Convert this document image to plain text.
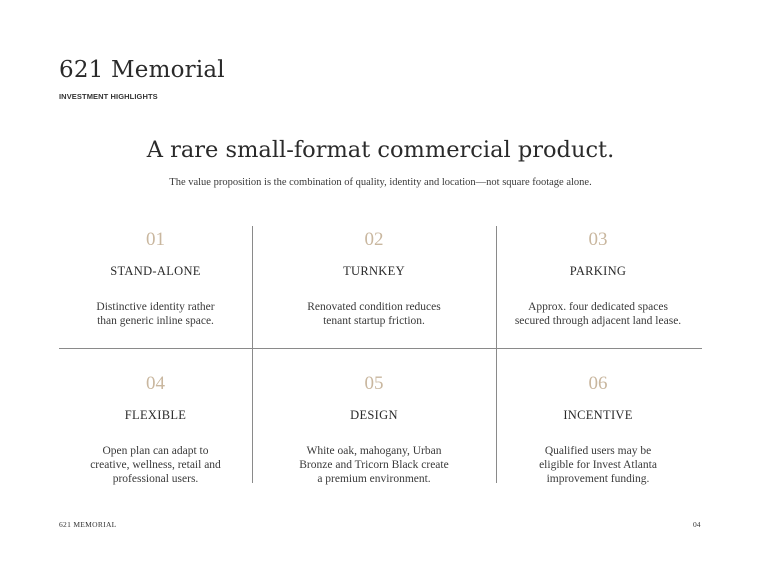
621 Memorial
INVESTMENT HIGHLIGHTS
A rare small-format commercial product.
The value proposition is the combination of quality, identity and location—not square footage alone.
01
STAND-ALONE
Distinctive identity rather
than generic inline space.
02
TURNKEY
Renovated condition reduces
tenant startup friction.
03
PARKING
Approx. four dedicated spaces
secured through adjacent land lease.
04
FLEXIBLE
Open plan can adapt to
creative, wellness, retail and
professional users.
05
DESIGN
White oak, mahogany, Urban
Bronze and Tricorn Black create
a premium environment.
06
INCENTIVE
Qualified users may be
eligible for Invest Atlanta
improvement funding.
621 MEMORIAL	04
